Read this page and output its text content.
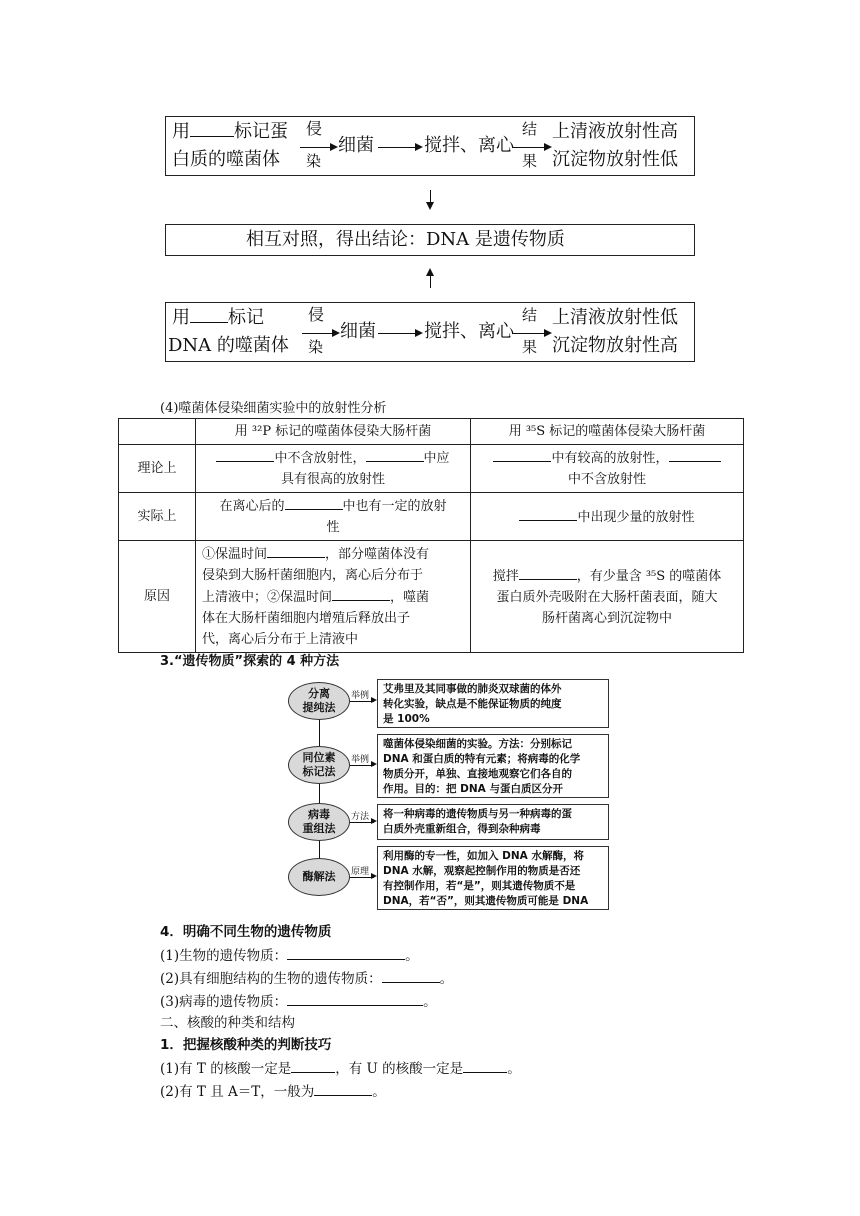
用 标记蛋
白质的噬菌体
侵
染
细菌	搅拌、离心
结
果
上清液放射性高
沉淀物放射性低
相互对照，得出结论：DNA 是遗传物质
用 标记
DNA 的噬菌体
侵
染
细菌	搅拌、离心
结
果
上清液放射性低
沉淀物放射性高
(4)噬菌体侵染细菌实验中的放射性分析
	用 ³²P 标记的噬菌体侵染大肠杆菌	用 ³⁵S 标记的噬菌体侵染大肠杆菌
理论上	中不含放射性， 中应
具有很高的放射性	中有较高的放射性，
中不含放射性
实际上	在离心后的 中也有一定的放射
性	中出现少量的放射性
原因	①保温时间 ，部分噬菌体没有
侵染到大肠杆菌细胞内，离心后分布于
上清液中；②保温时间 ，噬菌
体在大肠杆菌细胞内增殖后释放出子
代，离心后分布于上清液中	搅拌 ，有少量含 ³⁵S 的噬菌体
蛋白质外壳吸附在大肠杆菌表面，随大
肠杆菌离心到沉淀物中
3.“遗传物质”探索的 4 种方法
分离
提纯法
举例
艾弗里及其同事做的肺炎双球菌的体外
转化实验，缺点是不能保证物质的纯度
是 100%
同位素
标记法
举例
噬菌体侵染细菌的实验。方法：分别标记
DNA 和蛋白质的特有元素；将病毒的化学
物质分开，单独、直接地观察它们各自的
作用。目的：把 DNA 与蛋白质区分开
病毒
重组法
方法	将一种病毒的遗传物质与另一种病毒的蛋
白质外壳重新组合，得到杂种病毒
酶解法 原理
利用酶的专一性，如加入 DNA 水解酶，将
DNA 水解，观察起控制作用的物质是否还
有控制作用，若“是”，则其遗传物质不是
DNA，若“否”，则其遗传物质可能是 DNA
4．明确不同生物的遗传物质
(1)生物的遗传物质：	。
(2)具有细胞结构的生物的遗传物质：	。
(3)病毒的遗传物质：	。
二、核酸的种类和结构
1．把握核酸种类的判断技巧
(1)有 T 的核酸一定是	，有 U 的核酸一定是	。
(2)有 T 且 A＝T，一般为	。
